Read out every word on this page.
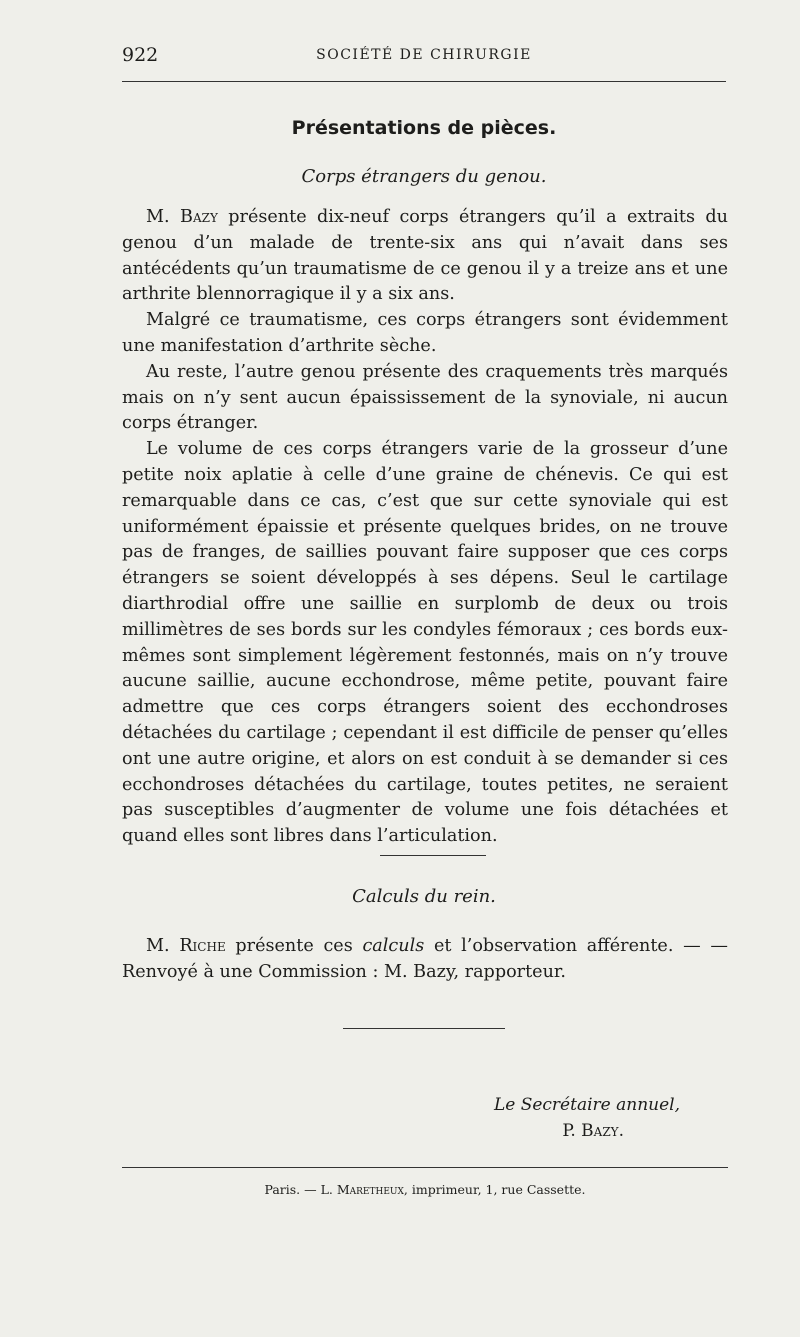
922	SOCIÉTÉ DE CHIRURGIE
Présentations de pièces.
Corps étrangers du genou.

M. Bazy présente dix-neuf corps étrangers qu’il a extraits du genou d’un malade de trente-six ans qui n’avait dans ses antécédents qu’un traumatisme de ce genou il y a treize ans et une arthrite blennorragique il y a six ans.

Malgré ce traumatisme, ces corps étrangers sont évidemment une manifestation d’arthrite sèche.

Au reste, l’autre genou présente des craquements très marqués mais on n’y sent aucun épaississement de la synoviale, ni aucun corps étranger.

Le volume de ces corps étrangers varie de la grosseur d’une petite noix aplatie à celle d’une graine de chénevis. Ce qui est remarquable dans ce cas, c’est que sur cette synoviale qui est uniformément épaissie et présente quelques brides, on ne trouve pas de franges, de saillies pouvant faire supposer que ces corps étrangers se soient développés à ses dépens. Seul le cartilage diarthrodial offre une saillie en surplomb de deux ou trois millimètres de ses bords sur les condyles fémoraux ; ces bords eux-mêmes sont simplement légèrement festonnés, mais on n’y trouve aucune saillie, aucune ecchondrose, même petite, pouvant faire admettre que ces corps étrangers soient des ecchondroses détachées du cartilage ; cependant il est difficile de penser qu’elles ont une autre origine, et alors on est conduit à se demander si ces ecchondroses détachées du cartilage, toutes petites, ne seraient pas susceptibles d’augmenter de volume une fois détachées et quand elles sont libres dans l’articulation.

Calculs du rein.

M. Riche présente ces calculs et l’observation afférente. — — Renvoyé à une Commission : M. Bazy, rapporteur.

Le Secrétaire annuel,
P. Bazy.
Paris. — L. Maretheux, imprimeur, 1, rue Cassette.
